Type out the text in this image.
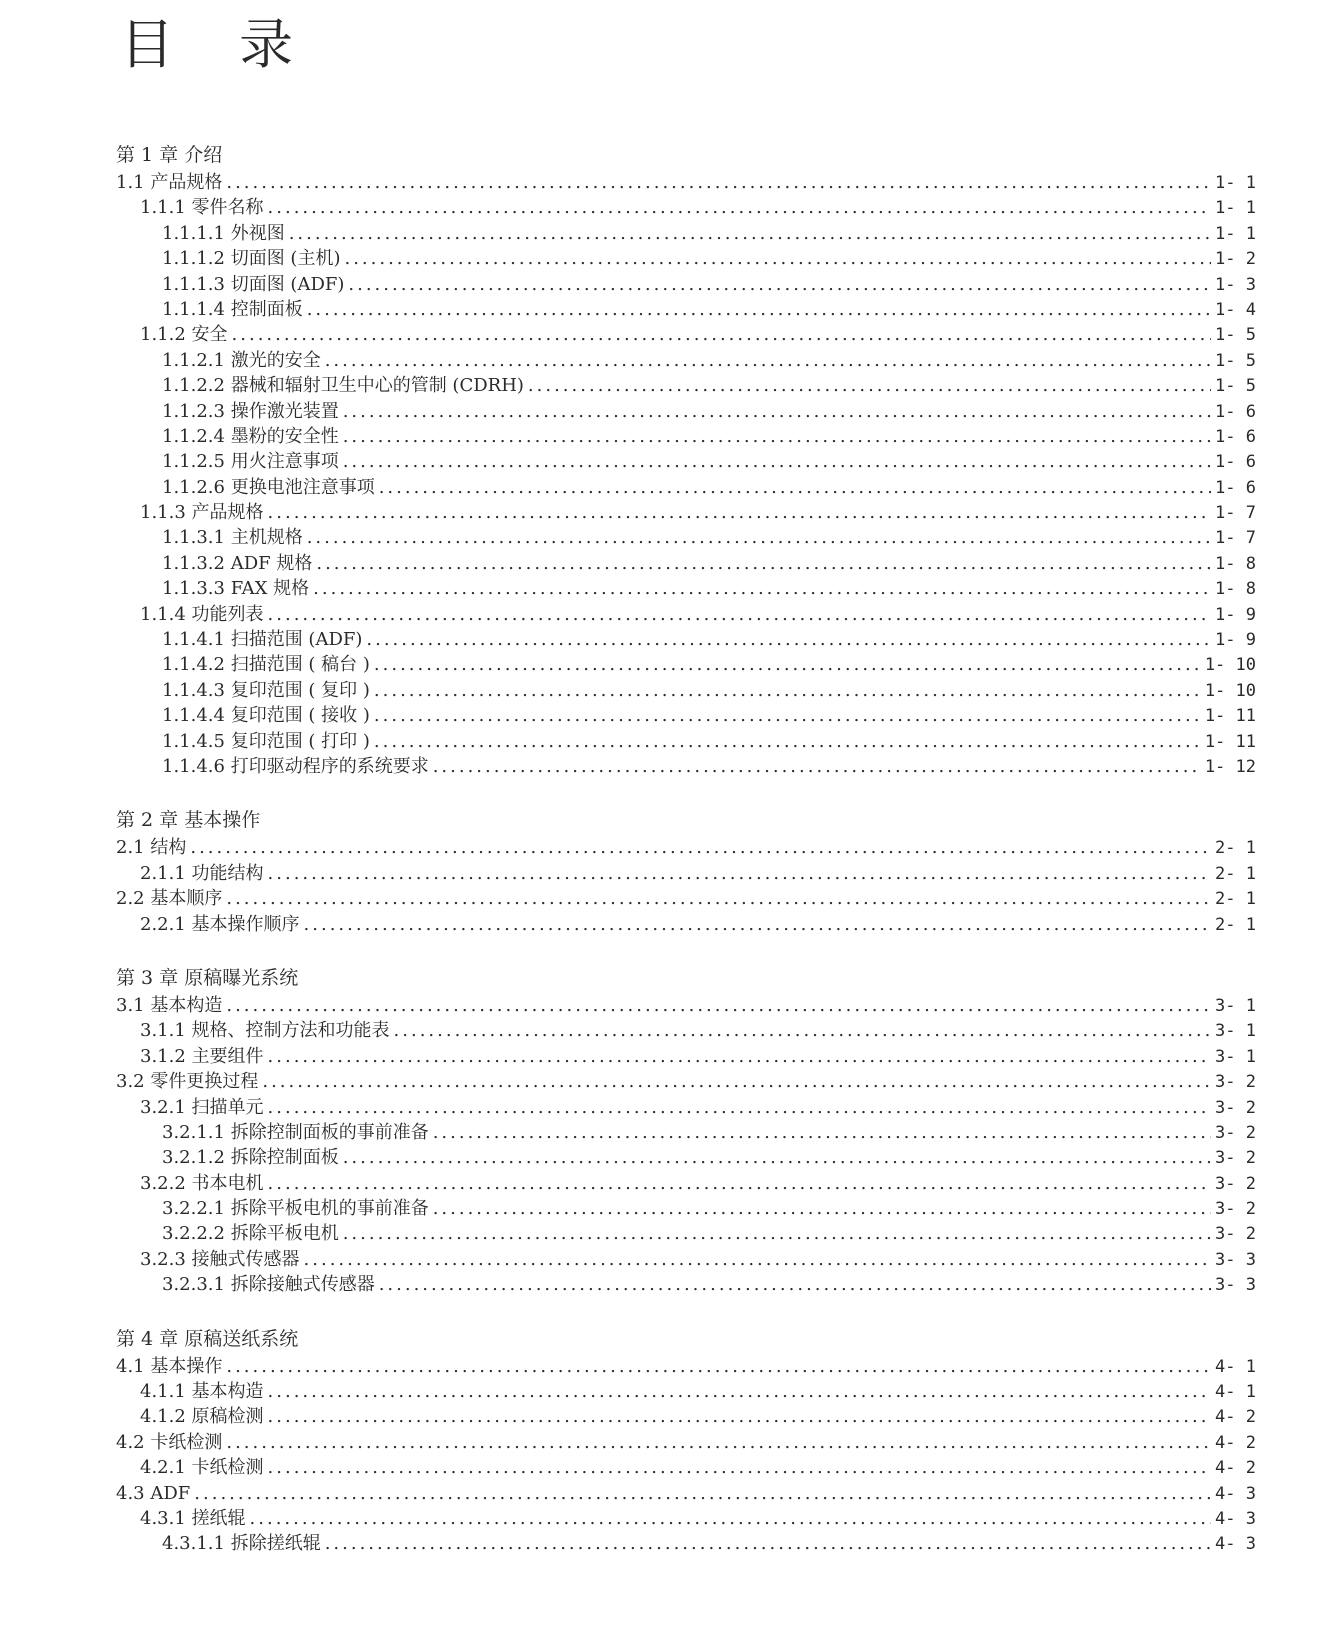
目 录
第 1 章 介绍
1.1 产品规格 .....	1- 1
1.1.1 零件名称 .....	1- 1
1.1.1.1 外视图 .....	1- 1
1.1.1.2 切面图 (主机) .....	1- 2
1.1.1.3 切面图 (ADF) .....	1- 3
1.1.1.4 控制面板 .....	1- 4
1.1.2 安全 .....	1- 5
1.1.2.1 激光的安全 .....	1- 5
1.1.2.2 器械和辐射卫生中心的管制 (CDRH) .....	1- 5
1.1.2.3 操作激光装置 .....	1- 6
1.1.2.4 墨粉的安全性 .....	1- 6
1.1.2.5 用火注意事项 .....	1- 6
1.1.2.6 更换电池注意事项 .....	1- 6
1.1.3 产品规格 .....	1- 7
1.1.3.1 主机规格 .....	1- 7
1.1.3.2 ADF 规格 .....	1- 8
1.1.3.3 FAX 规格 .....	1- 8
1.1.4 功能列表 .....	1- 9
1.1.4.1 扫描范围 (ADF) .....	1- 9
1.1.4.2 扫描范围 ( 稿台 ) .....	1- 10
1.1.4.3 复印范围 ( 复印 ) .....	1- 10
1.1.4.4 复印范围 ( 接收 ) .....	1- 11
1.1.4.5 复印范围 ( 打印 ) .....	1- 11
1.1.4.6 打印驱动程序的系统要求 .....	1- 12
第 2 章 基本操作
2.1 结构 .....	2- 1
2.1.1 功能结构 .....	2- 1
2.2 基本顺序 .....	2- 1
2.2.1 基本操作顺序 .....	2- 1
第 3 章 原稿曝光系统
3.1 基本构造 .....	3- 1
3.1.1 规格、控制方法和功能表 .....	3- 1
3.1.2 主要组件 .....	3- 1
3.2 零件更换过程 .....	3- 2
3.2.1 扫描单元 .....	3- 2
3.2.1.1 拆除控制面板的事前准备 .....	3- 2
3.2.1.2 拆除控制面板 .....	3- 2
3.2.2 书本电机 .....	3- 2
3.2.2.1 拆除平板电机的事前准备 .....	3- 2
3.2.2.2 拆除平板电机 .....	3- 2
3.2.3 接触式传感器 .....	3- 3
3.2.3.1 拆除接触式传感器 .....	3- 3
第 4 章 原稿送纸系统
4.1 基本操作 .....	4- 1
4.1.1 基本构造 .....	4- 1
4.1.2 原稿检测 .....	4- 2
4.2 卡纸检测 .....	4- 2
4.2.1 卡纸检测 .....	4- 2
4.3 ADF .....	4- 3
4.3.1 搓纸辊 .....	4- 3
4.3.1.1 拆除搓纸辊 .....	4- 3
